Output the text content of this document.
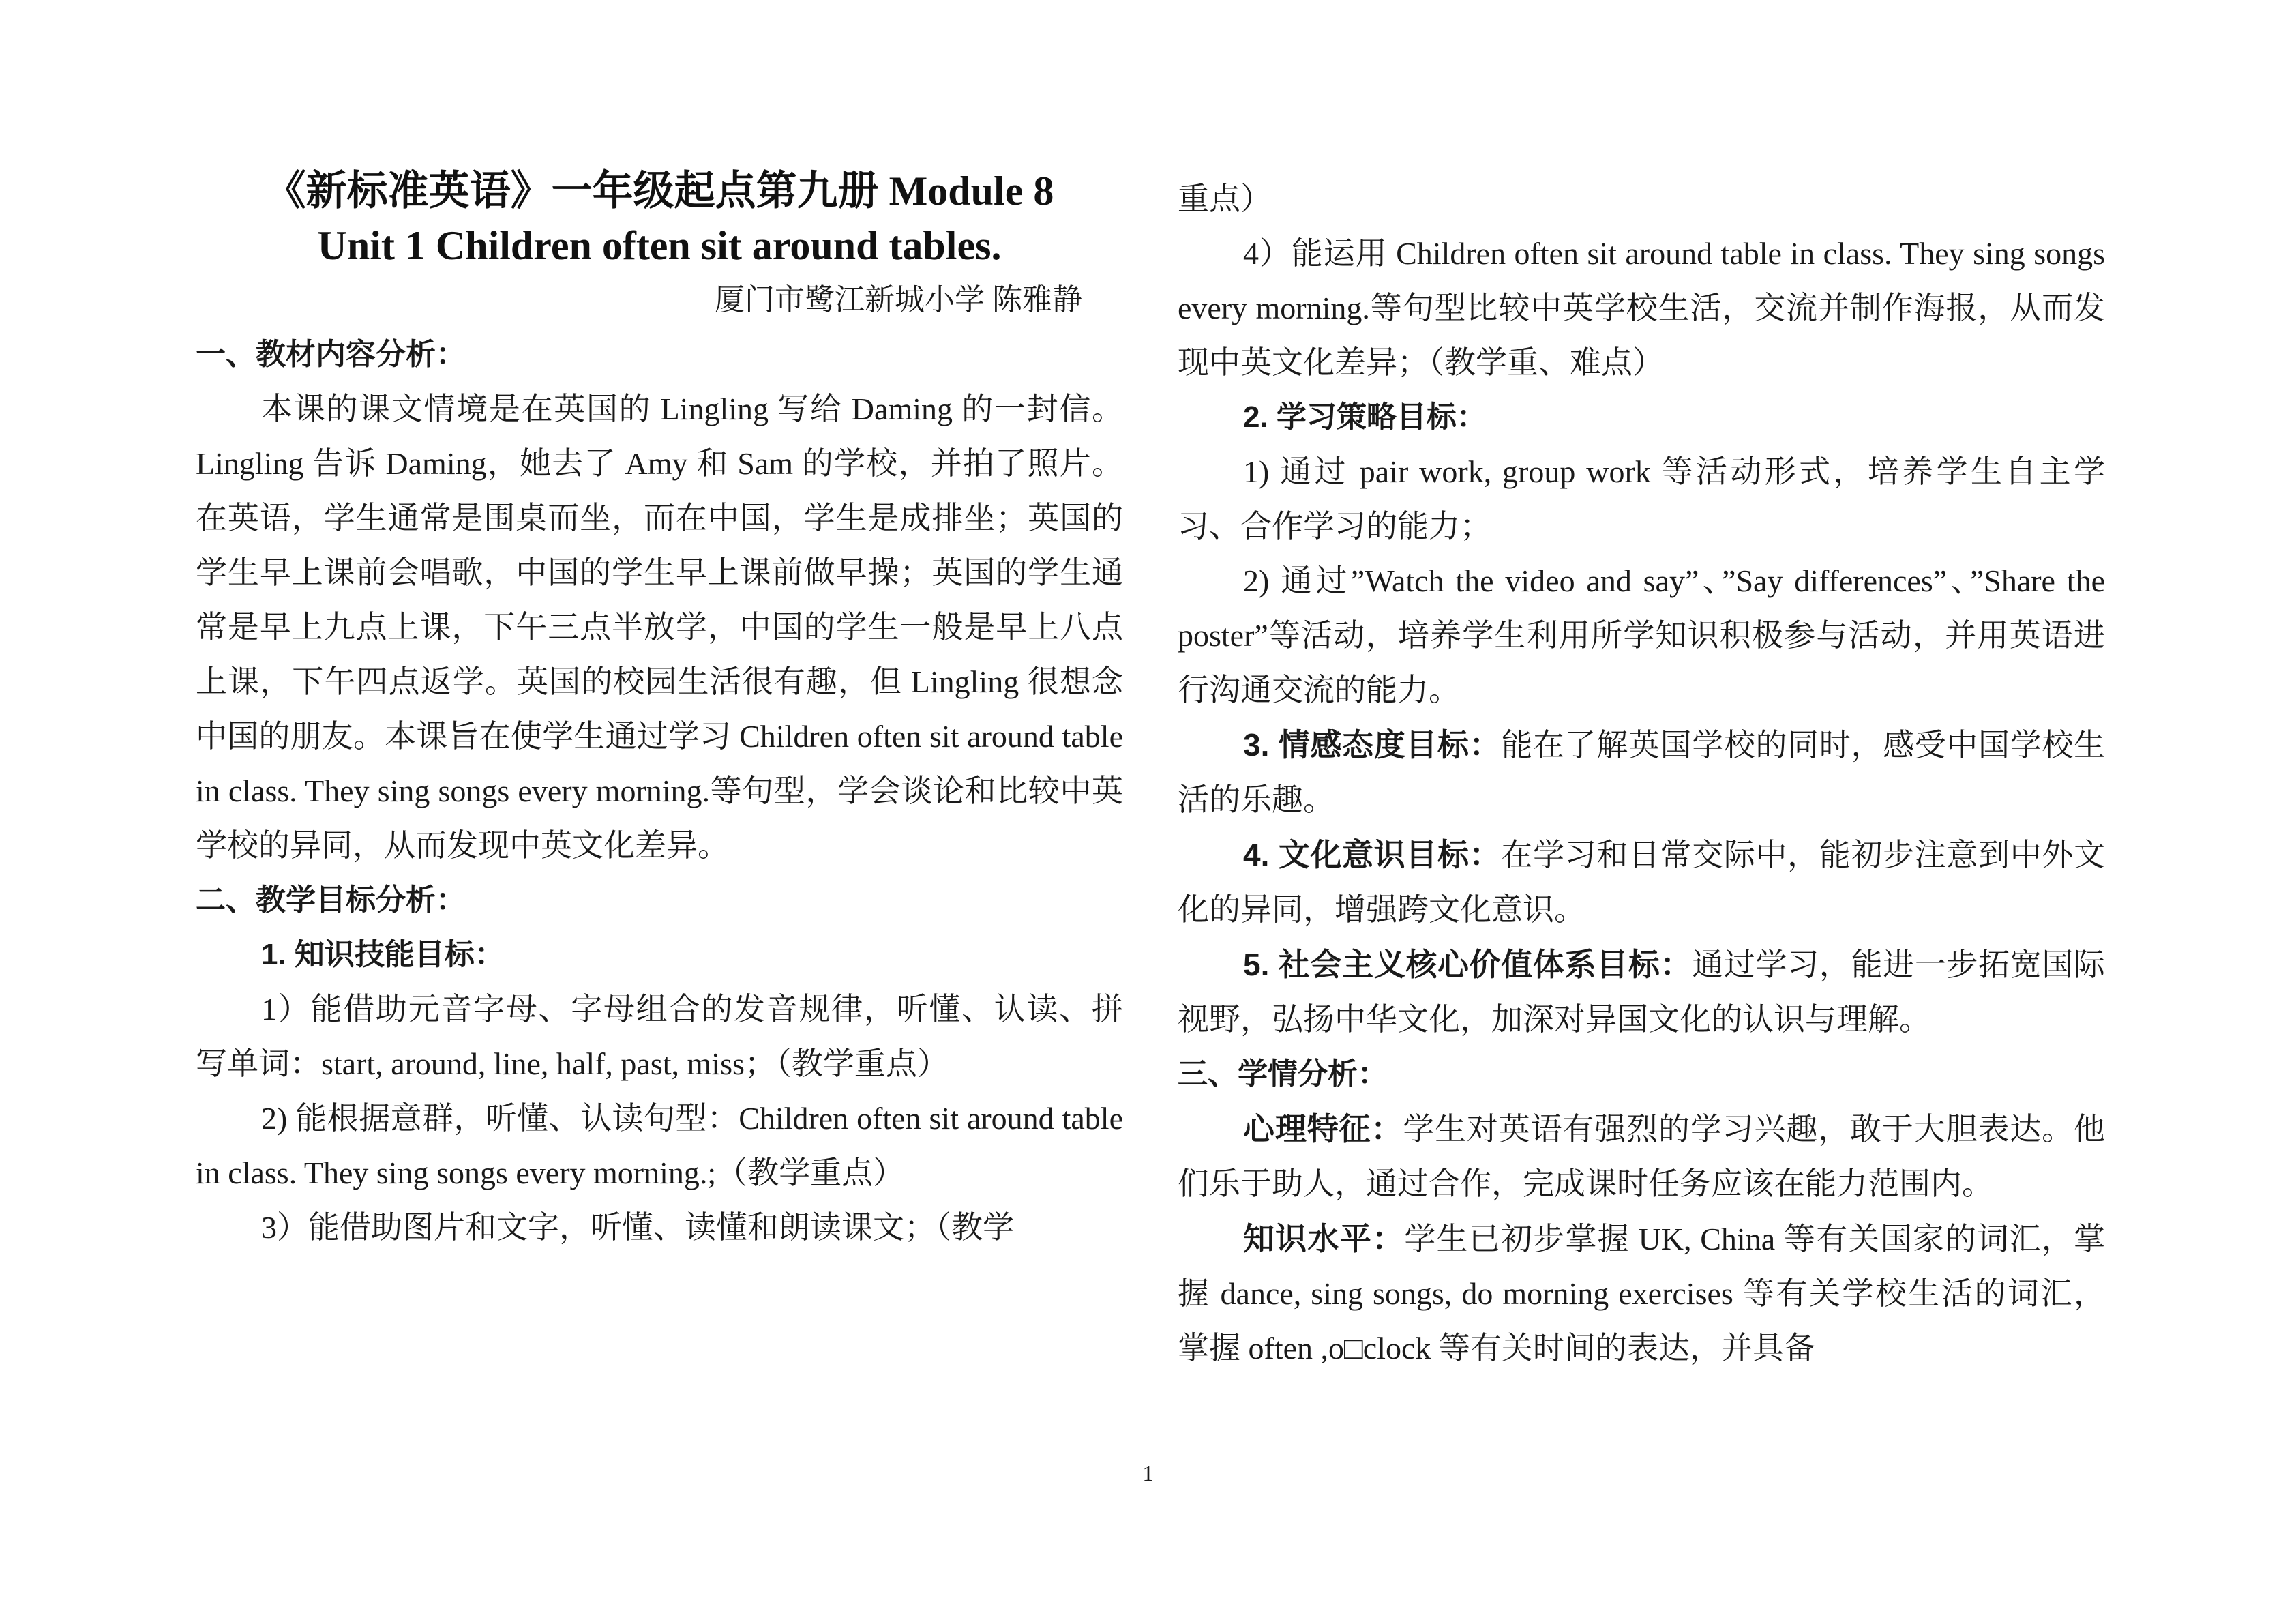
《新标准英语》一年级起点第九册 Module 8
Unit 1 Children often sit around tables.

厦门市鹭江新城小学 陈雅静

一、教材内容分析：

本课的课文情境是在英国的 Lingling 写给 Daming 的一封信。Lingling 告诉 Daming，她去了 Amy 和 Sam 的学校，并拍了照片。在英语，学生通常是围桌而坐，而在中国，学生是成排坐；英国的学生早上课前会唱歌，中国的学生早上课前做早操；英国的学生通常是早上九点上课，下午三点半放学，中国的学生一般是早上八点上课，下午四点返学。英国的校园生活很有趣，但 Lingling 很想念中国的朋友。本课旨在使学生通过学习 Children often sit around table in class. They sing songs every morning.等句型，学会谈论和比较中英学校的异同，从而发现中英文化差异。

二、教学目标分析：

1. 知识技能目标：

1）能借助元音字母、字母组合的发音规律，听懂、认读、拼写单词：start, around, line, half, past, miss；（教学重点）

2) 能根据意群，听懂、认读句型：Children often sit around table in class. They sing songs every morning.;（教学重点）

3）能借助图片和文字，听懂、读懂和朗读课文；（教学

重点）

4）能运用 Children often sit around table in class. They sing songs every morning.等句型比较中英学校生活，交流并制作海报，从而发现中英文化差异；（教学重、难点）

2. 学习策略目标：

1) 通过 pair work, group work 等活动形式，培养学生自主学习、合作学习的能力；

2) 通过”Watch the video and say”、”Say differences”、”Share the poster”等活动，培养学生利用所学知识积极参与活动，并用英语进行沟通交流的能力。

3. 情感态度目标：能在了解英国学校的同时，感受中国学校生活的乐趣。

4. 文化意识目标：在学习和日常交际中，能初步注意到中外文化的异同，增强跨文化意识。

5. 社会主义核心价值体系目标：通过学习，能进一步拓宽国际视野，弘扬中华文化，加深对异国文化的认识与理解。

三、学情分析：

心理特征：学生对英语有强烈的学习兴趣，敢于大胆表达。他们乐于助人，通过合作，完成课时任务应该在能力范围内。

知识水平：学生已初步掌握 UK, China 等有关国家的词汇，掌握 dance, sing songs, do morning exercises 等有关学校生活的词汇，掌握 often ,o□clock 等有关时间的表达，并具备

1
